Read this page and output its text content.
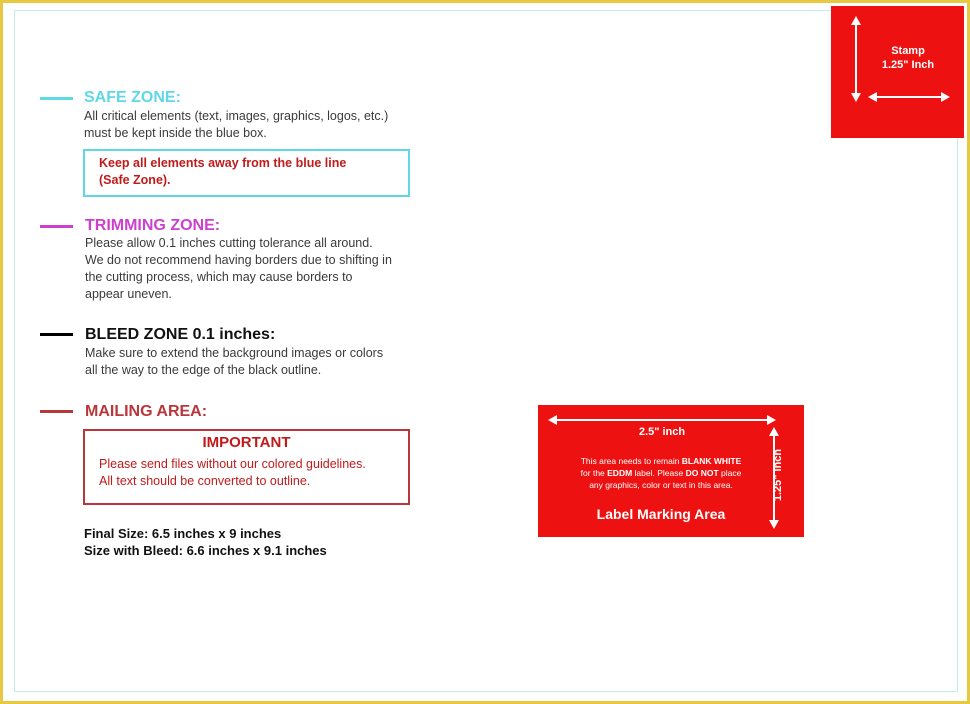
Stamp
1.25" Inch
SAFE ZONE:
All critical elements (text, images, graphics, logos, etc.)
must be kept inside the blue box.
Keep all elements away from the blue line
(Safe Zone).
TRIMMING ZONE:
Please allow 0.1 inches cutting tolerance all around.
We do not recommend having borders due to shifting in
the cutting process, which may cause borders to
appear uneven.
BLEED ZONE 0.1 inches:
Make sure to extend the background images or colors
all the way to the edge of the black outline.
MAILING AREA:
IMPORTANT
Please send files without our colored guidelines.
All text should be converted to outline.
Final Size: 6.5 inches x 9 inches
Size with Bleed: 6.6 inches x 9.1 inches
2.5" inch
1.25" inch
This area needs to remain BLANK WHITE
for the EDDM label. Please DO NOT place
any graphics, color or text in this area.
Label Marking Area
